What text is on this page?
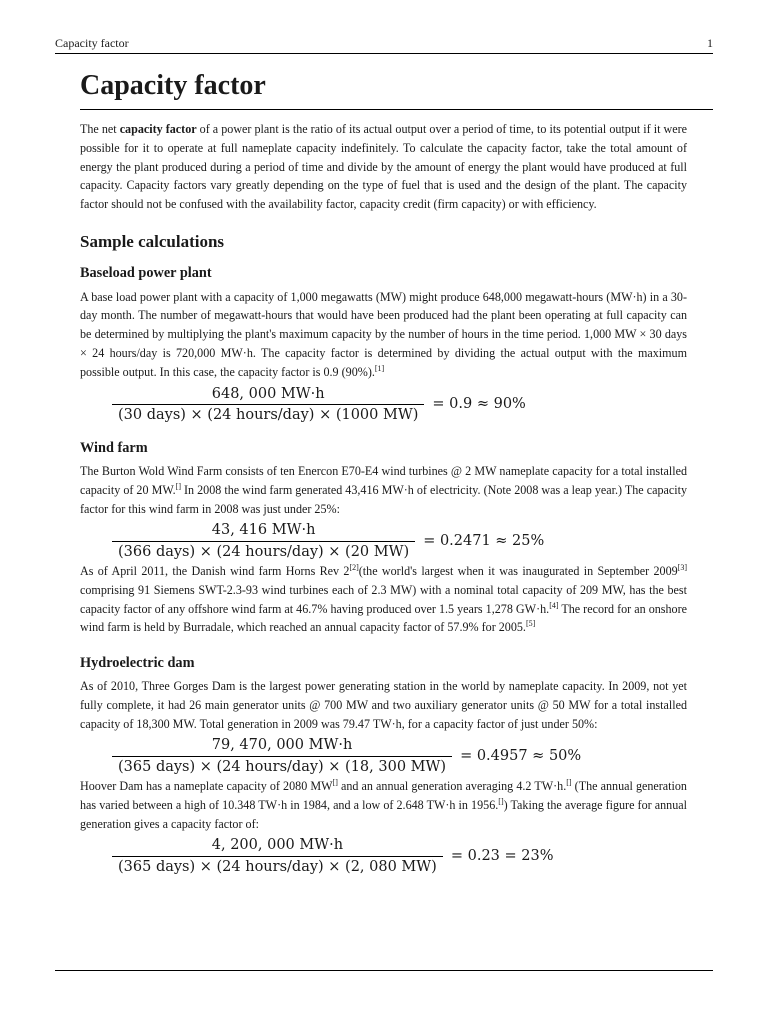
Capacity factor	1
Capacity factor

The net capacity factor of a power plant is the ratio of its actual output over a period of time, to its potential output if it were possible for it to operate at full nameplate capacity indefinitely. To calculate the capacity factor, take the total amount of energy the plant produced during a period of time and divide by the amount of energy the plant would have produced at full capacity. Capacity factors vary greatly depending on the type of fuel that is used and the design of the plant. The capacity factor should not be confused with the availability factor, capacity credit (firm capacity) or with efficiency.

Sample calculations
Baseload power plant

A base load power plant with a capacity of 1,000 megawatts (MW) might produce 648,000 megawatt-hours (MW·h) in a 30-day month. The number of megawatt-hours that would have been produced had the plant been operating at full capacity can be determined by multiplying the plant's maximum capacity by the number of hours in the time period. 1,000 MW × 30 days × 24 hours/day is 720,000 MW·h. The capacity factor is determined by dividing the actual output with the maximum possible output. In this case, the capacity factor is 0.9 (90%).[1]

$\frac{648, 000 MW\cdot h}{\text{(30 days) × (24 hours/day) × (1000 MW)}} = 0.9 \approx 90\%$
Wind farm

The Burton Wold Wind Farm consists of ten Enercon E70-E4 wind turbines @ 2 MW nameplate capacity for a total installed capacity of 20 MW.[] In 2008 the wind farm generated 43,416 MW·h of electricity. (Note 2008 was a leap year.) The capacity factor for this wind farm in 2008 was just under 25%:

$\frac{43, 416 MW\cdot h}{\text{(366 days) × (24 hours/day) × (20 MW)}} = 0.2471 \approx 25\%$

As of April 2011, the Danish wind farm Horns Rev 2[2](the world's largest when it was inaugurated in September 2009[3] comprising 91 Siemens SWT-2.3-93 wind turbines each of 2.3 MW) with a nominal total capacity of 209 MW, has the best capacity factor of any offshore wind farm at 46.7% having produced over 1.5 years 1,278 GW·h.[4] The record for an onshore wind farm is held by Burradale, which reached an annual capacity factor of 57.9% for 2005.[5]

Hydroelectric dam

As of 2010, Three Gorges Dam is the largest power generating station in the world by nameplate capacity. In 2009, not yet fully complete, it had 26 main generator units @ 700 MW and two auxiliary generator units @ 50 MW for a total installed capacity of 18,300 MW. Total generation in 2009 was 79.47 TW·h, for a capacity factor of just under 50%:

$\frac{79, 470, 000 MW\cdot h}{\text{(365 days) × (24 hours/day) × (18, 300 MW)}} = 0.4957 \approx 50\%$

Hoover Dam has a nameplate capacity of 2080 MW[] and an annual generation averaging 4.2 TW·h.[] (The annual generation has varied between a high of 10.348 TW·h in 1984, and a low of 2.648 TW·h in 1956.[]) Taking the average figure for annual generation gives a capacity factor of:

$\frac{4, 200, 000 MW\cdot h}{\text{(365 days) × (24 hours/day) × (2, 080 MW)}} = 0.23 = 23\%$
